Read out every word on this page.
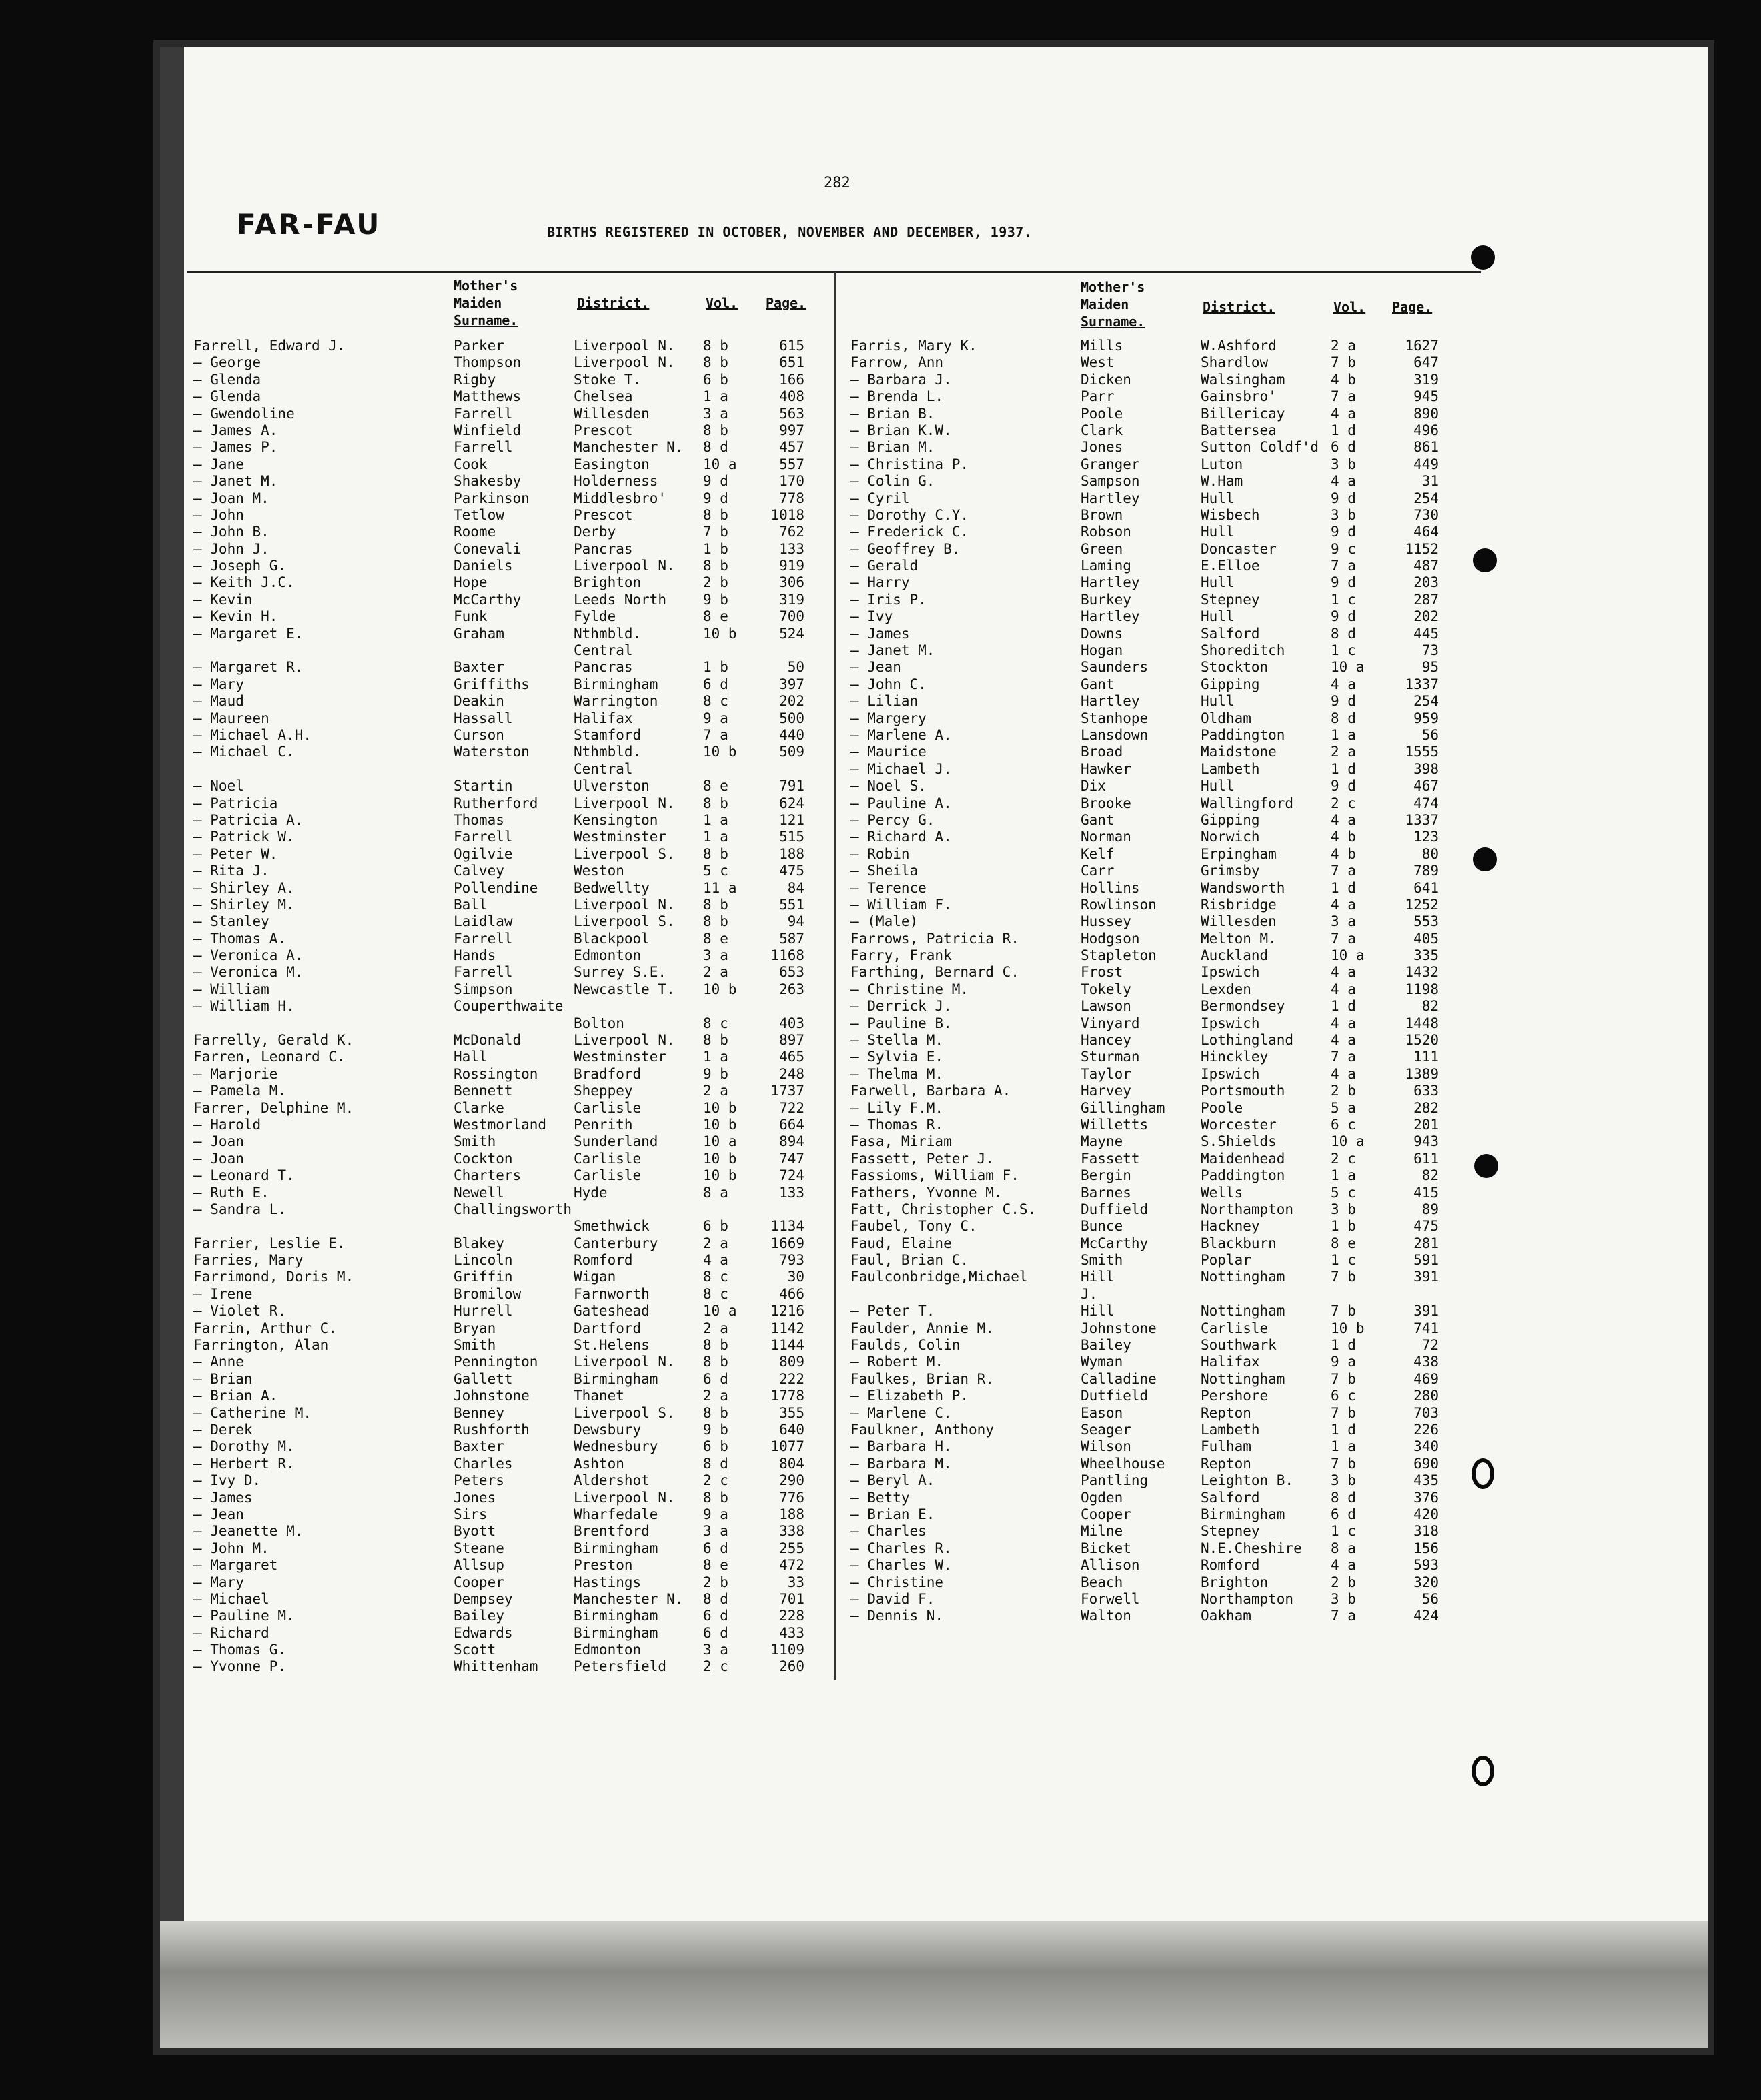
282
FAR-FAU	BIRTHS REGISTERED IN OCTOBER, NOVEMBER AND DECEMBER, 1937.
Mother's
Maiden
Surname.
District.	Vol. Page.
Farrell, Edward J.	Parker	Liverpool N. 8 b	615
— George	Thompson	Liverpool N. 8 b	651
— Glenda	Rigby	Stoke T.	6 b	166
— Glenda	Matthews	Chelsea	1 a	408
— Gwendoline	Farrell	Willesden	3 a	563
— James A.	Winfield	Prescot	8 b	997
— James P.	Farrell	Manchester N. 8 d	457
— Jane	Cook	Easington	10 a	557
— Janet M.	Shakesby	Holderness	9 d	170
— Joan M.	Parkinson	Middlesbro'	9 d	778
— John	Tetlow	Prescot	8 b	1018
— John B.	Roome	Derby	7 b	762
— John J.	Conevali	Pancras	1 b	133
— Joseph G.	Daniels	Liverpool N. 8 b	919
— Keith J.C.	Hope	Brighton	2 b	306
— Kevin	McCarthy	Leeds North	9 b	319
— Kevin H.	Funk	Fylde	8 e	700
— Margaret E.	Graham	Nthmbld.	10 b	524
Central
— Margaret R.	Baxter	Pancras	1 b	50
— Mary	Griffiths	Birmingham	6 d	397
— Maud	Deakin	Warrington	8 c	202
— Maureen	Hassall	Halifax	9 a	500
— Michael A.H.	Curson	Stamford	7 a	440
— Michael C.	Waterston	Nthmbld.	10 b	509
Central
— Noel	Startin	Ulverston	8 e	791
— Patricia	Rutherford	Liverpool N. 8 b	624
— Patricia A.	Thomas	Kensington	1 a	121
— Patrick W.	Farrell	Westminster	1 a	515
— Peter W.	Ogilvie	Liverpool S. 8 b	188
— Rita J.	Calvey	Weston	5 c	475
— Shirley A.	Pollendine	Bedwellty	11 a	84
— Shirley M.	Ball	Liverpool N. 8 b	551
— Stanley	Laidlaw	Liverpool S. 8 b	94
— Thomas A.	Farrell	Blackpool	8 e	587
— Veronica A.	Hands	Edmonton	3 a	1168
— Veronica M.	Farrell	Surrey S.E.	2 a	653
— William	Simpson	Newcastle T. 10 b	263
— William H.	Couperthwaite
Bolton	8 c	403
Farrelly, Gerald K.	McDonald	Liverpool N. 8 b	897
Farren, Leonard C.	Hall	Westminster	1 a	465
— Marjorie	Rossington	Bradford	9 b	248
— Pamela M.	Bennett	Sheppey	2 a	1737
Farrer, Delphine M.	Clarke	Carlisle	10 b	722
— Harold	Westmorland Penrith	10 b	664
— Joan	Smith	Sunderland	10 a	894
— Joan	Cockton	Carlisle	10 b	747
— Leonard T.	Charters	Carlisle	10 b	724
— Ruth E.	Newell	Hyde	8 a	133
— Sandra L.	Challingsworth
Smethwick	6 b	1134
Farrier, Leslie E.	Blakey	Canterbury	2 a	1669
Farries, Mary	Lincoln	Romford	4 a	793
Farrimond, Doris M.	Griffin	Wigan	8 c	30
— Irene	Bromilow	Farnworth	8 c	466
— Violet R.	Hurrell	Gateshead	10 a	1216
Farrin, Arthur C.	Bryan	Dartford	2 a	1142
Farrington, Alan	Smith	St.Helens	8 b	1144
— Anne	Pennington	Liverpool N. 8 b	809
— Brian	Gallett	Birmingham	6 d	222
— Brian A.	Johnstone	Thanet	2 a	1778
— Catherine M.	Benney	Liverpool S. 8 b	355
— Derek	Rushforth	Dewsbury	9 b	640
— Dorothy M.	Baxter	Wednesbury	6 b	1077
— Herbert R.	Charles	Ashton	8 d	804
— Ivy D.	Peters	Aldershot	2 c	290
— James	Jones	Liverpool N. 8 b	776
— Jean	Sirs	Wharfedale	9 a	188
— Jeanette M.	Byott	Brentford	3 a	338
— John M.	Steane	Birmingham	6 d	255
— Margaret	Allsup	Preston	8 e	472
— Mary	Cooper	Hastings	2 b	33
— Michael	Dempsey	Manchester N. 8 d	701
— Pauline M.	Bailey	Birmingham	6 d	228
— Richard	Edwards	Birmingham	6 d	433
— Thomas G.	Scott	Edmonton	3 a	1109
— Yvonne P.	Whittenham	Petersfield	2 c	260
Mother's
Maiden
Surname.
District.	Vol. Page.
Farris, Mary K.	Mills	W.Ashford	2 a	1627
Farrow, Ann	West	Shardlow	7 b	647
— Barbara J.	Dicken	Walsingham	4 b	319
— Brenda L.	Parr	Gainsbro'	7 a	945
— Brian B.	Poole	Billericay	4 a	890
— Brian K.W.	Clark	Battersea	1 d	496
— Brian M.	Jones	Sutton Coldf'd 6 d	861
— Christina P.	Granger	Luton	3 b	449
— Colin G.	Sampson	W.Ham	4 a	31
— Cyril	Hartley	Hull	9 d	254
— Dorothy C.Y.	Brown	Wisbech	3 b	730
— Frederick C.	Robson	Hull	9 d	464
— Geoffrey B.	Green	Doncaster	9 c	1152
— Gerald	Laming	E.Elloe	7 a	487
— Harry	Hartley	Hull	9 d	203
— Iris P.	Burkey	Stepney	1 c	287
— Ivy	Hartley	Hull	9 d	202
— James	Downs	Salford	8 d	445
— Janet M.	Hogan	Shoreditch	1 c	73
— Jean	Saunders	Stockton	10 a	95
— John C.	Gant	Gipping	4 a	1337
— Lilian	Hartley	Hull	9 d	254
— Margery	Stanhope	Oldham	8 d	959
— Marlene A.	Lansdown	Paddington	1 a	56
— Maurice	Broad	Maidstone	2 a	1555
— Michael J.	Hawker	Lambeth	1 d	398
— Noel S.	Dix	Hull	9 d	467
— Pauline A.	Brooke	Wallingford	2 c	474
— Percy G.	Gant	Gipping	4 a	1337
— Richard A.	Norman	Norwich	4 b	123
— Robin	Kelf	Erpingham	4 b	80
— Sheila	Carr	Grimsby	7 a	789
— Terence	Hollins	Wandsworth	1 d	641
— William F.	Rowlinson	Risbridge	4 a	1252
— (Male)	Hussey	Willesden	3 a	553
Farrows, Patricia R.	Hodgson	Melton M.	7 a	405
Farry, Frank	Stapleton	Auckland	10 a	335
Farthing, Bernard C.	Frost	Ipswich	4 a	1432
— Christine M.	Tokely	Lexden	4 a	1198
— Derrick J.	Lawson	Bermondsey	1 d	82
— Pauline B.	Vinyard	Ipswich	4 a	1448
— Stella M.	Hancey	Lothingland	4 a	1520
— Sylvia E.	Sturman	Hinckley	7 a	111
— Thelma M.	Taylor	Ipswich	4 a	1389
Farwell, Barbara A.	Harvey	Portsmouth	2 b	633
— Lily F.M.	Gillingham	Poole	5 a	282
— Thomas R.	Willetts	Worcester	6 c	201
Fasa, Miriam	Mayne	S.Shields	10 a	943
Fassett, Peter J.	Fassett	Maidenhead	2 c	611
Fassioms, William F.	Bergin	Paddington	1 a	82
Fathers, Yvonne M.	Barnes	Wells	5 c	415
Fatt, Christopher C.S.	Duffield	Northampton	3 b	89
Faubel, Tony C.	Bunce	Hackney	1 b	475
Faud, Elaine	McCarthy	Blackburn	8 e	281
Faul, Brian C.	Smith	Poplar	1 c	591
Faulconbridge,Michael	Hill	Nottingham	7 b	391
J.
— Peter T.	Hill	Nottingham	7 b	391
Faulder, Annie M.	Johnstone	Carlisle	10 b	741
Faulds, Colin	Bailey	Southwark	1 d	72
— Robert M.	Wyman	Halifax	9 a	438
Faulkes, Brian R.	Calladine	Nottingham	7 b	469
— Elizabeth P.	Dutfield	Pershore	6 c	280
— Marlene C.	Eason	Repton	7 b	703
Faulkner, Anthony	Seager	Lambeth	1 d	226
— Barbara H.	Wilson	Fulham	1 a	340
— Barbara M.	Wheelhouse	Repton	7 b	690
— Beryl A.	Pantling	Leighton B.	3 b	435
— Betty	Ogden	Salford	8 d	376
— Brian E.	Cooper	Birmingham	6 d	420
— Charles	Milne	Stepney	1 c	318
— Charles R.	Bicket	N.E.Cheshire 8 a	156
— Charles W.	Allison	Romford	4 a	593
— Christine	Beach	Brighton	2 b	320
— David F.	Forwell	Northampton	3 b	56
— Dennis N.	Walton	Oakham	7 a	424
